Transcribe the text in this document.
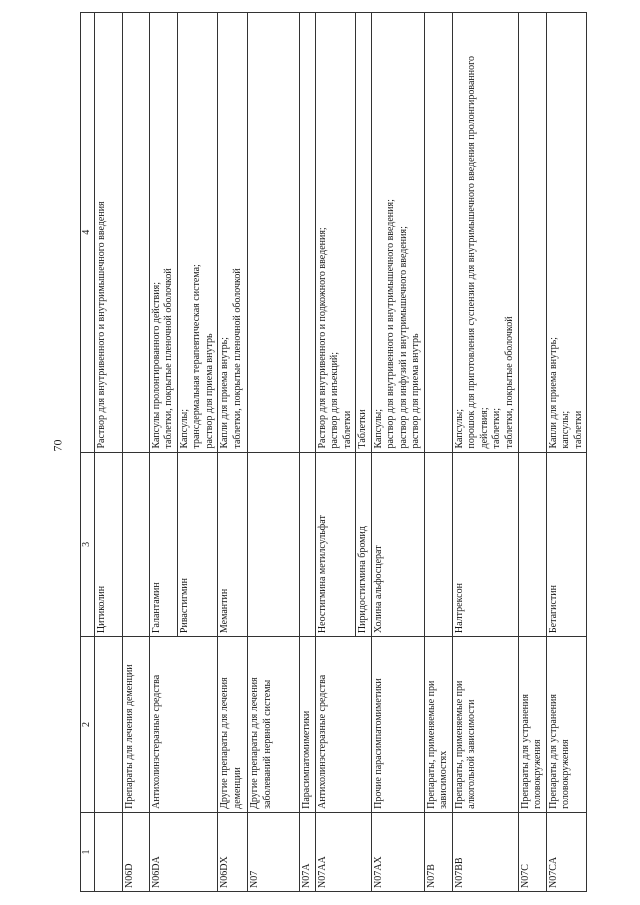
70
1	2	3	4
		Цитиколин	Раствор для внутривенного и внутримышечного введения
N06D	Препараты для лечения деменции		
N06DA	Антихолинэстеразные средства	Галантамин	Капсулы пролонгированного действия;
таблетки, покрытые пленочной оболочкой
		Ривастигмин	Капсулы;
трансдермальная терапевтическая система;
раствор для приема внутрь
N06DX	Другие препараты для лечения деменции	Мемантин	Капли для приема внутрь;
таблетки, покрытые пленочной оболочкой
N07	Другие препараты для лечения заболеваний нервной системы		
N07A	Парасимпатомиметики		
N07AA	Антихолинэстеразные средства	Неостигмина метилсульфат	Раствор для внутривенного и подкожного введения;
раствор для инъекций;
таблетки
		Пиридостигмина бромид	Таблетки
N07AX	Прочие парасимпатомиметики	Холина альфосцерат	Капсулы;
раствор для внутривенного и внутримышечного введения;
раствор для инфузий и внутримышечного введения;
раствор для приема внутрь
N07B	Препараты, применяемые при зависимостях		
N07BB	Препараты, применяемые при алкогольной зависимости	Налтрексон	Капсулы;
порошок для приготовления суспензии для внутримышечного введения пролонгированного действия;
таблетки;
таблетки, покрытые оболочкой
N07C	Препараты для устранения головокружения		
N07CA	Препараты для устранения головокружения	Бетагистин	Капли для приема внутрь;
капсулы;
таблетки
